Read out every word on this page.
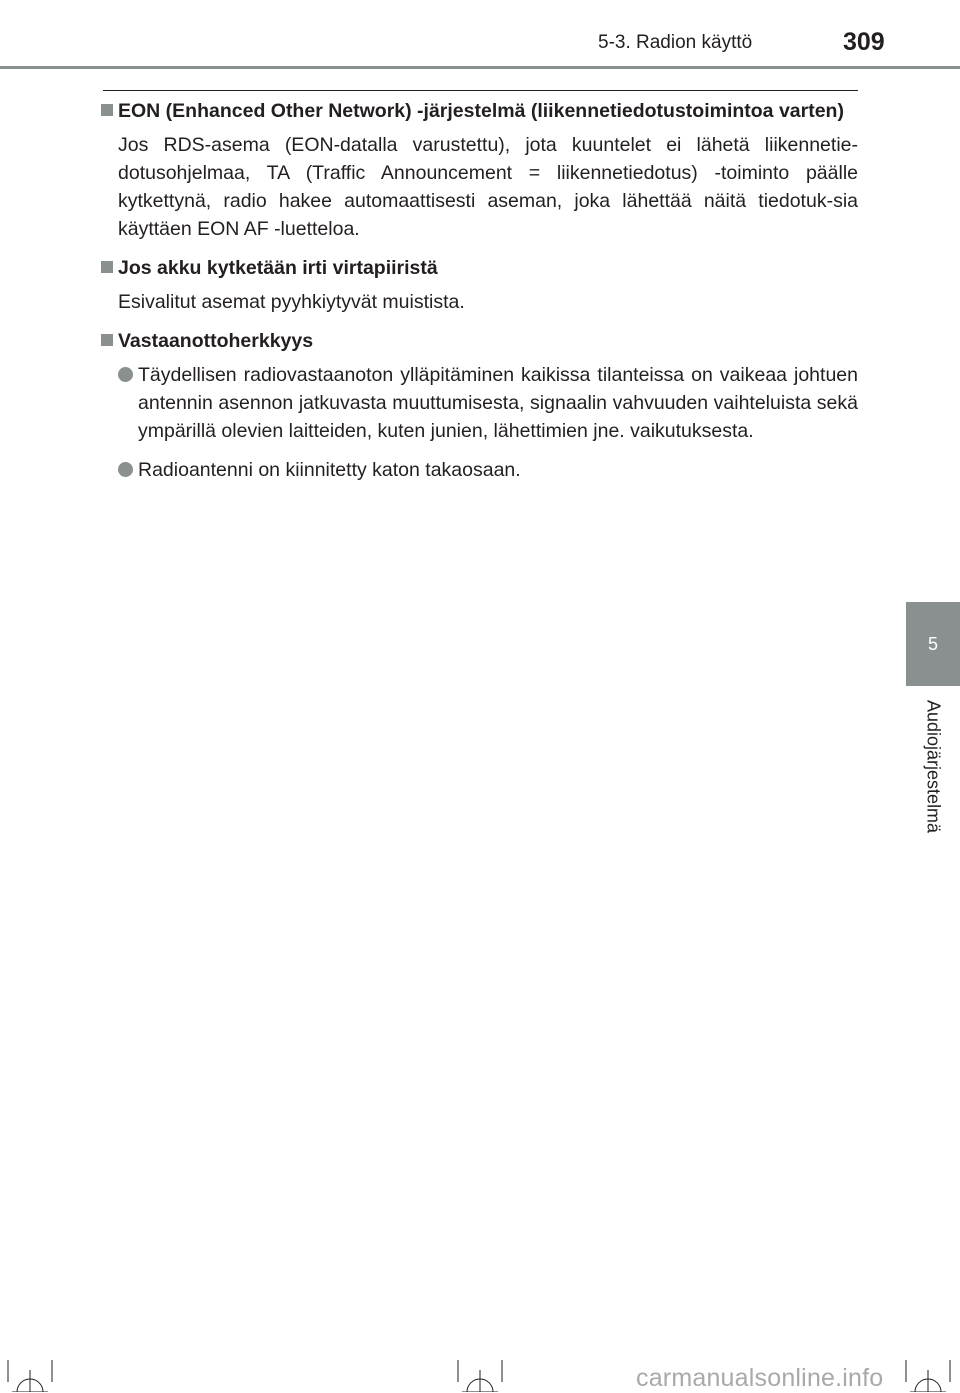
5-3. Radion käyttö	309
EON (Enhanced Other Network) -järjestelmä (liikennetiedotustoimintoa varten)
Jos RDS-asema (EON-datalla varustettu), jota kuuntelet ei lähetä liikennetie-dotusohjelmaa, TA (Traffic Announcement = liikennetiedotus) -toiminto päälle kytkettynä, radio hakee automaattisesti aseman, joka lähettää näitä tiedotuk-sia käyttäen EON AF -luetteloa.
Jos akku kytketään irti virtapiiristä
Esivalitut asemat pyyhkiytyvät muistista.
Vastaanottoherkkyys
Täydellisen radiovastaanoton ylläpitäminen kaikissa tilanteissa on vaikeaa johtuen antennin asennon jatkuvasta muuttumisesta, signaalin vahvuuden vaihteluista sekä ympärillä olevien laitteiden, kuten junien, lähettimien jne. vaikutuksesta.
Radioantenni on kiinnitetty katon takaosaan.
5
Audiojärjestelmä
carmanualsonline.info
